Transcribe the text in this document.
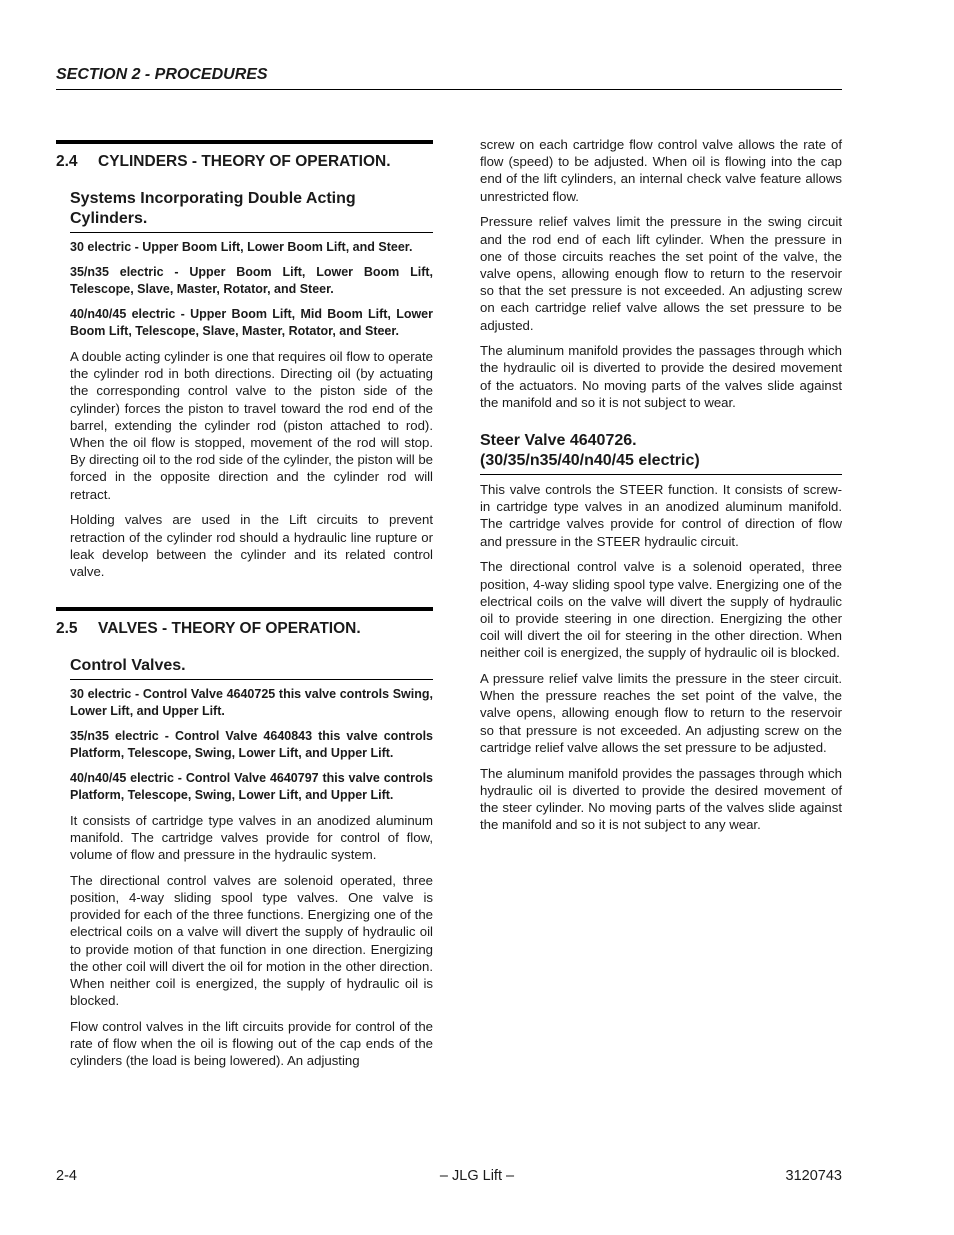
SECTION 2 - PROCEDURES
2.4	CYLINDERS - THEORY OF OPERATION.
Systems Incorporating Double Acting Cylinders.

30 electric - Upper Boom Lift, Lower Boom Lift, and Steer.

35/n35 electric - Upper Boom Lift, Lower Boom Lift, Telescope, Slave, Master, Rotator, and Steer.

40/n40/45 electric - Upper Boom Lift, Mid Boom Lift, Lower Boom Lift, Telescope, Slave, Master, Rotator, and Steer.

A double acting cylinder is one that requires oil flow to operate the cylinder rod in both directions. Directing oil (by actuating the corresponding control valve to the piston side of the cylinder) forces the piston to travel toward the rod end of the barrel, extending the cylinder rod (piston attached to rod). When the oil flow is stopped, movement of the rod will stop. By directing oil to the rod side of the cylinder, the piston will be forced in the opposite direction and the cylinder rod will retract.

Holding valves are used in the Lift circuits to prevent retraction of the cylinder rod should a hydraulic line rupture or leak develop between the cylinder and its related control valve.

2.5	VALVES - THEORY OF OPERATION.
Control Valves.

30 electric - Control Valve 4640725 this valve controls Swing, Lower Lift, and Upper Lift.

35/n35 electric - Control Valve 4640843 this valve controls Platform, Telescope, Swing, Lower Lift, and Upper Lift.

40/n40/45 electric - Control Valve 4640797 this valve controls Platform, Telescope, Swing, Lower Lift, and Upper Lift.

It consists of cartridge type valves in an anodized aluminum manifold. The cartridge valves provide for control of flow, volume of flow and pressure in the hydraulic system.

The directional control valves are solenoid operated, three position, 4-way sliding spool type valves. One valve is provided for each of the three functions. Energizing one of the electrical coils on a valve will divert the supply of hydraulic oil to provide motion of that function in one direction. Energizing the other coil will divert the oil for motion in the other direction. When neither coil is energized, the supply of hydraulic oil is blocked.

Flow control valves in the lift circuits provide for control of the rate of flow when the oil is flowing out of the cap ends of the cylinders (the load is being lowered). An adjusting

screw on each cartridge flow control valve allows the rate of flow (speed) to be adjusted. When oil is flowing into the cap end of the lift cylinders, an internal check valve feature allows unrestricted flow.

Pressure relief valves limit the pressure in the swing circuit and the rod end of each lift cylinder. When the pressure in one of those circuits reaches the set point of the valve, the valve opens, allowing enough flow to return to the reservoir so that the set pressure is not exceeded. An adjusting screw on each cartridge relief valve allows the set pressure to be adjusted.

The aluminum manifold provides the passages through which the hydraulic oil is diverted to provide the desired movement of the actuators. No moving parts of the valves slide against the manifold and so it is not subject to wear.

Steer Valve 4640726.
(30/35/n35/40/n40/45 electric)

This valve controls the STEER function. It consists of screw-in cartridge type valves in an anodized aluminum manifold. The cartridge valves provide for control of direction of flow and pressure in the STEER hydraulic circuit.

The directional control valve is a solenoid operated, three position, 4-way sliding spool type valve. Energizing one of the electrical coils on the valve will divert the supply of hydraulic oil to provide steering in one direction. Energizing the other coil will divert the oil for steering in the other direction. When neither coil is energized, the supply of hydraulic oil is blocked.

A pressure relief valve limits the pressure in the steer circuit. When the pressure reaches the set point of the valve, the valve opens, allowing enough flow to return to the reservoir so that pressure is not exceeded. An adjusting screw on the cartridge relief valve allows the set pressure to be adjusted.

The aluminum manifold provides the passages through which hydraulic oil is diverted to provide the desired movement of the steer cylinder. No moving parts of the valves slide against the manifold and so it is not subject to any wear.

2-4	– JLG Lift –	3120743
